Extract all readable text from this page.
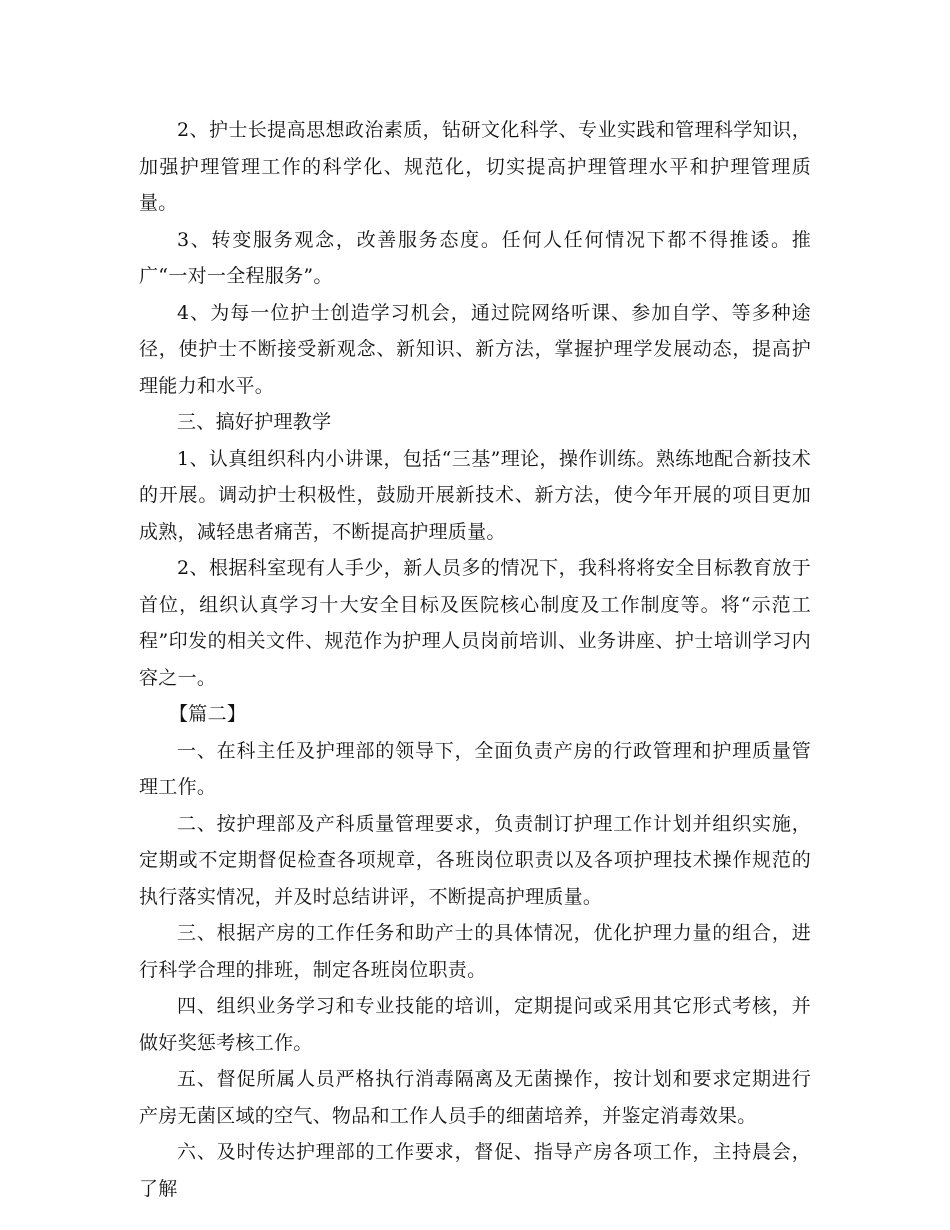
2、护士长提高思想政治素质，钻研文化科学、专业实践和管理科学知识，加强护理管理工作的科学化、规范化，切实提高护理管理水平和护理管理质量。

3、转变服务观念，改善服务态度。任何人任何情况下都不得推诿。推广“一对一全程服务”。

4、为每一位护士创造学习机会，通过院网络听课、参加自学、等多种途径，使护士不断接受新观念、新知识、新方法，掌握护理学发展动态，提高护理能力和水平。

三、搞好护理教学

1、认真组织科内小讲课，包括“三基”理论，操作训练。熟练地配合新技术的开展。调动护士积极性，鼓励开展新技术、新方法，使今年开展的项目更加成熟，减轻患者痛苦，不断提高护理质量。

2、根据科室现有人手少，新人员多的情况下，我科将将安全目标教育放于首位，组织认真学习十大安全目标及医院核心制度及工作制度等。将“示范工程”印发的相关文件、规范作为护理人员岗前培训、业务讲座、护士培训学习内容之一。

【篇二】

一、在科主任及护理部的领导下，全面负责产房的行政管理和护理质量管理工作。

二、按护理部及产科质量管理要求，负责制订护理工作计划并组织实施，定期或不定期督促检查各项规章，各班岗位职责以及各项护理技术操作规范的执行落实情况，并及时总结讲评，不断提高护理质量。

三、根据产房的工作任务和助产士的具体情况，优化护理力量的组合，进行科学合理的排班，制定各班岗位职责。

四、组织业务学习和专业技能的培训，定期提问或采用其它形式考核，并做好奖惩考核工作。

五、督促所属人员严格执行消毒隔离及无菌操作，按计划和要求定期进行产房无菌区域的空气、物品和工作人员手的细菌培养，并鉴定消毒效果。

六、及时传达护理部的工作要求，督促、指导产房各项工作，主持晨会，了解
